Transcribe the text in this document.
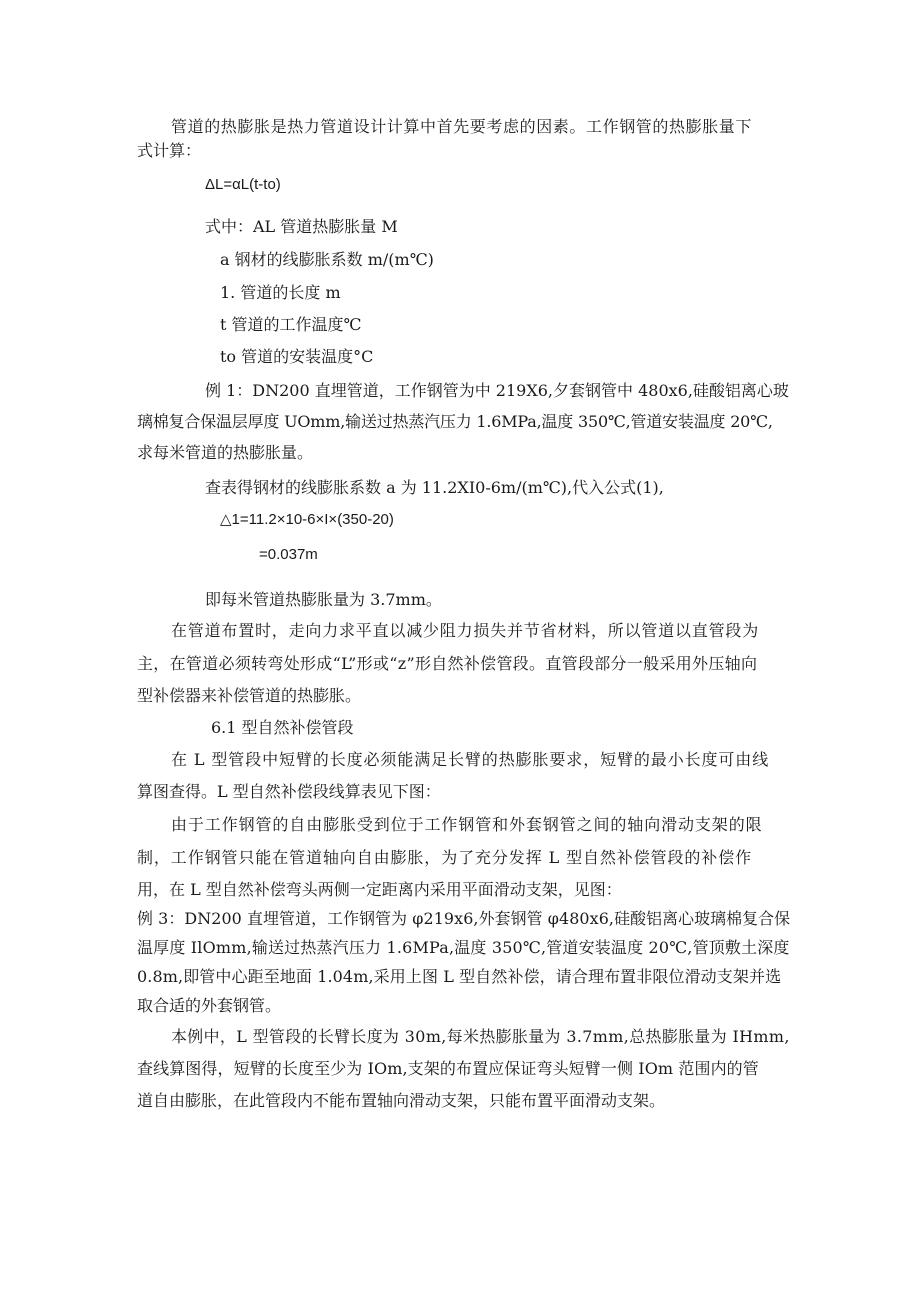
管道的热膨胀是热力管道设计计算中首先要考虑的因素。工作钢管的热膨胀量下
式计算：
ΔL=αL(t-to)
式中：AL 管道热膨胀量 M
a 钢材的线膨胀系数 m/(m℃)
1. 管道的长度 m
t 管道的工作温度℃
to 管道的安装温度°C
例 1：DN200 直埋管道，工作钢管为中 219X6,夕套钢管中 480x6,硅酸铝离心玻
璃棉复合保温层厚度 UOmm,输送过热蒸汽压力 1.6MPa,温度 350℃,管道安装温度 20℃,
求每米管道的热膨胀量。
查表得钢材的线膨胀系数 a 为 11.2XI0-6m/(m℃),代入公式(1),
△1=11.2×10-6×I×(350-20)
=0.037m
即每米管道热膨胀量为 3.7mm。
在管道布置时，走向力求平直以减少阻力损失并节省材料，所以管道以直管段为
主，在管道必须转弯处形成“L”形或“z”形自然补偿管段。直管段部分一般采用外压轴向
型补偿器来补偿管道的热膨胀。
6.1 型自然补偿管段
在 L 型管段中短臂的长度必须能满足长臂的热膨胀要求，短臂的最小长度可由线
算图查得。L 型自然补偿段线算表见下图：
由于工作钢管的自由膨胀受到位于工作钢管和外套钢管之间的轴向滑动支架的限
制，工作钢管只能在管道轴向自由膨胀，为了充分发挥 L 型自然补偿管段的补偿作
用，在 L 型自然补偿弯头两侧一定距离内采用平面滑动支架，见图：
例 3：DN200 直埋管道，工作钢管为 φ219x6,外套钢管 φ480x6,硅酸铝离心玻璃棉复合保
温厚度 IlOmm,输送过热蒸汽压力 1.6MPa,温度 350℃,管道安装温度 20℃,管顶敷土深度
0.8m,即管中心距至地面 1.04m,采用上图 L 型自然补偿，请合理布置非限位滑动支架并选
取合适的外套钢管。
本例中，L 型管段的长臂长度为 30m,每米热膨胀量为 3.7mm,总热膨胀量为 IHmm,
查线算图得，短臂的长度至少为 IOm,支架的布置应保证弯头短臂一侧 IOm 范围内的管
道自由膨胀，在此管段内不能布置轴向滑动支架，只能布置平面滑动支架。
